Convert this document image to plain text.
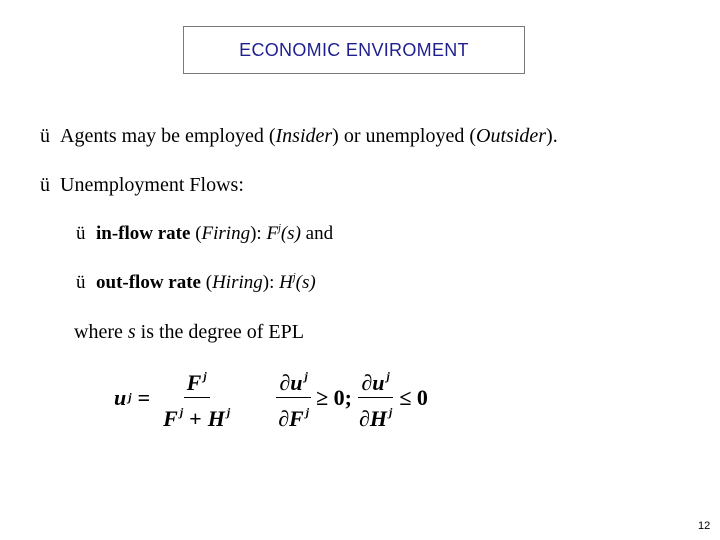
ECONOMIC ENVIROMENT
ü Agents may be employed (Insider) or unemployed (Outsider).
ü Unemployment Flows:
ü in-flow rate (Firing): $F^j(s)$ and
ü out-flow rate (Hiring): $H^j(s)$
where s is the degree of EPL
u $j = \frac{F ^j}{F ^j + H ^j} \frac{\partial u ^j}{\partial F ^j} \ge 0$; $\frac{\partial u ^j}{\partial H ^j} \le 0$
12
